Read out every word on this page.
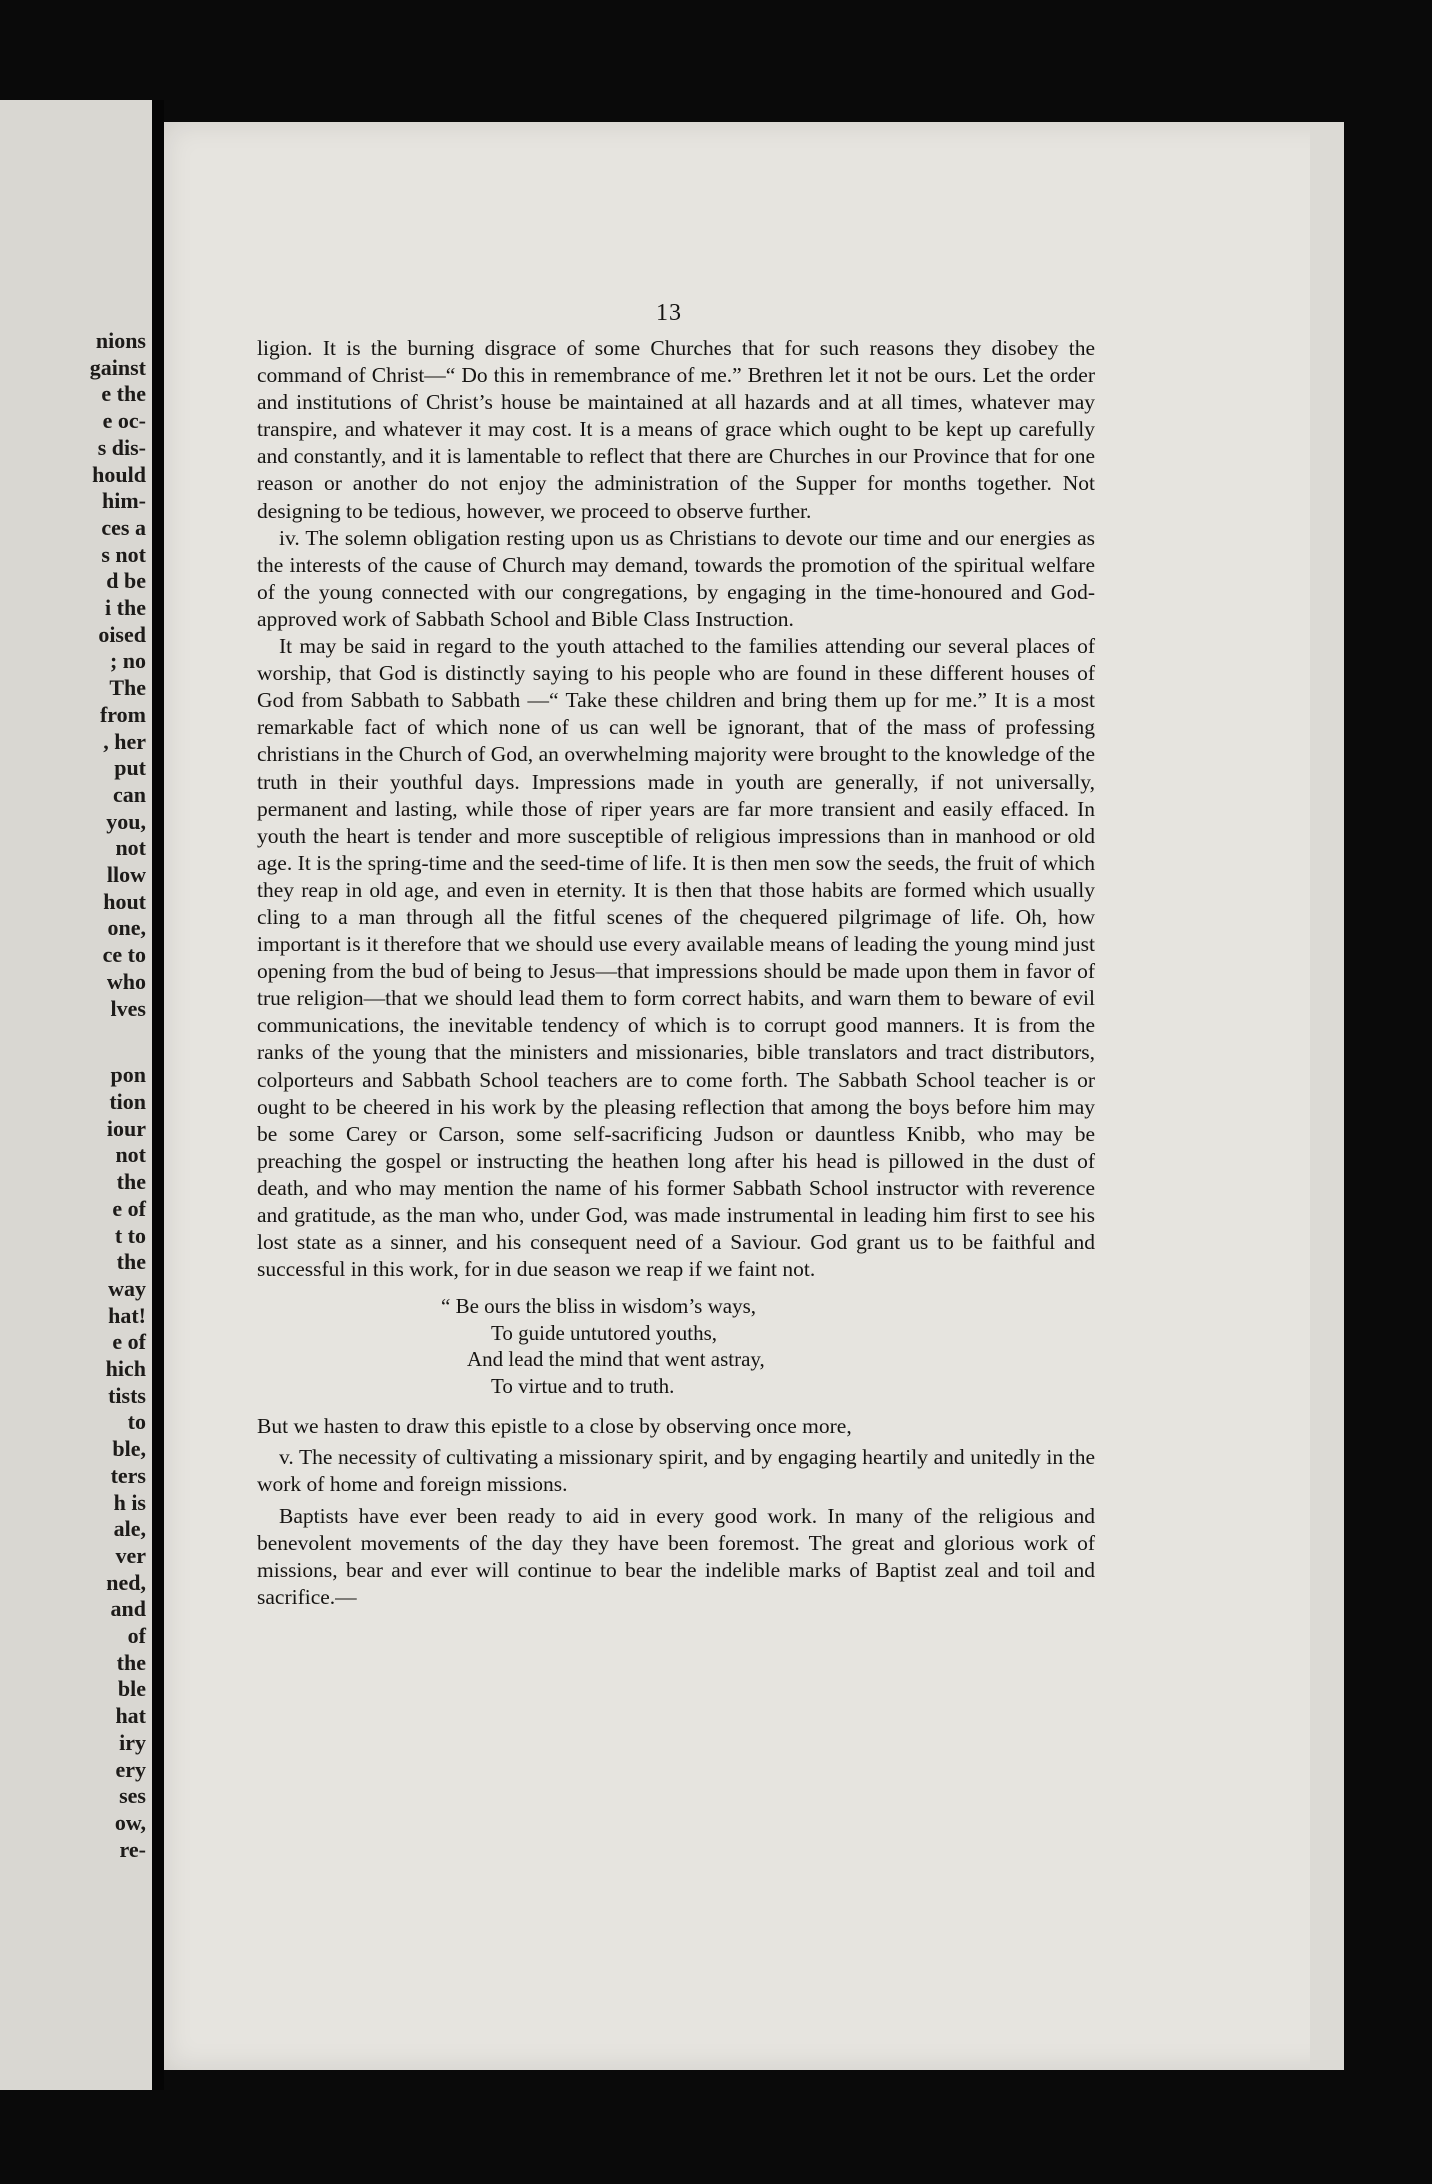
nions
gainst
e the
e oc-
s dis-
hould
him-
ces a
s not
d be
i the
oised
; no
The
from
, her
put
can
you,
not
llow
hout
one,
ce to
who
lves
pon
tion
iour
not
the
e of
t to
the
way
hat!
e of
hich
tists
to
ble,
ters
h is
ale,
ver
ned,
and
of
the
ble
hat
iry
ery
ses
ow,
re-
13

ligion. It is the burning disgrace of some Churches that for such reasons they disobey the command of Christ—“ Do this in remembrance of me.” Brethren let it not be ours. Let the order and institutions of Christ’s house be maintained at all hazards and at all times, whatever may transpire, and whatever it may cost. It is a means of grace which ought to be kept up carefully and constantly, and it is lamentable to reflect that there are Churches in our Province that for one reason or another do not enjoy the administration of the Supper for months together. Not designing to be tedious, however, we proceed to observe further.

iv. The solemn obligation resting upon us as Christians to devote our time and our energies as the interests of the cause of Church may demand, towards the promotion of the spiritual welfare of the young connected with our congregations, by engaging in the time-honoured and God-approved work of Sabbath School and Bible Class Instruction.

It may be said in regard to the youth attached to the families attending our several places of worship, that God is distinctly saying to his people who are found in these different houses of God from Sabbath to Sabbath —“ Take these children and bring them up for me.” It is a most remarkable fact of which none of us can well be ignorant, that of the mass of professing christians in the Church of God, an overwhelming majority were brought to the knowledge of the truth in their youthful days. Impressions made in youth are generally, if not universally, permanent and lasting, while those of riper years are far more transient and easily effaced. In youth the heart is tender and more susceptible of religious impressions than in manhood or old age. It is the spring-time and the seed-time of life. It is then men sow the seeds, the fruit of which they reap in old age, and even in eternity. It is then that those habits are formed which usually cling to a man through all the fitful scenes of the chequered pilgrimage of life. Oh, how important is it therefore that we should use every available means of leading the young mind just opening from the bud of being to Jesus—that impressions should be made upon them in favor of true religion—that we should lead them to form correct habits, and warn them to beware of evil communications, the inevitable tendency of which is to corrupt good manners. It is from the ranks of the young that the ministers and missionaries, bible translators and tract distributors, colporteurs and Sabbath School teachers are to come forth. The Sabbath School teacher is or ought to be cheered in his work by the pleasing reflection that among the boys before him may be some Carey or Carson, some self-sacrificing Judson or dauntless Knibb, who may be preaching the gospel or instructing the heathen long after his head is pillowed in the dust of death, and who may mention the name of his former Sabbath School instructor with reverence and gratitude, as the man who, under God, was made instrumental in leading him first to see his lost state as a sinner, and his consequent need of a Saviour. God grant us to be faithful and successful in this work, for in due season we reap if we faint not.

“ Be ours the bliss in wisdom’s ways,
To guide untutored youths,
And lead the mind that went astray,
To virtue and to truth.

But we hasten to draw this epistle to a close by observing once more,

v. The necessity of cultivating a missionary spirit, and by engaging heartily and unitedly in the work of home and foreign missions.

Baptists have ever been ready to aid in every good work. In many of the religious and benevolent movements of the day they have been foremost. The great and glorious work of missions, bear and ever will continue to bear the indelible marks of Baptist zeal and toil and sacrifice.—
